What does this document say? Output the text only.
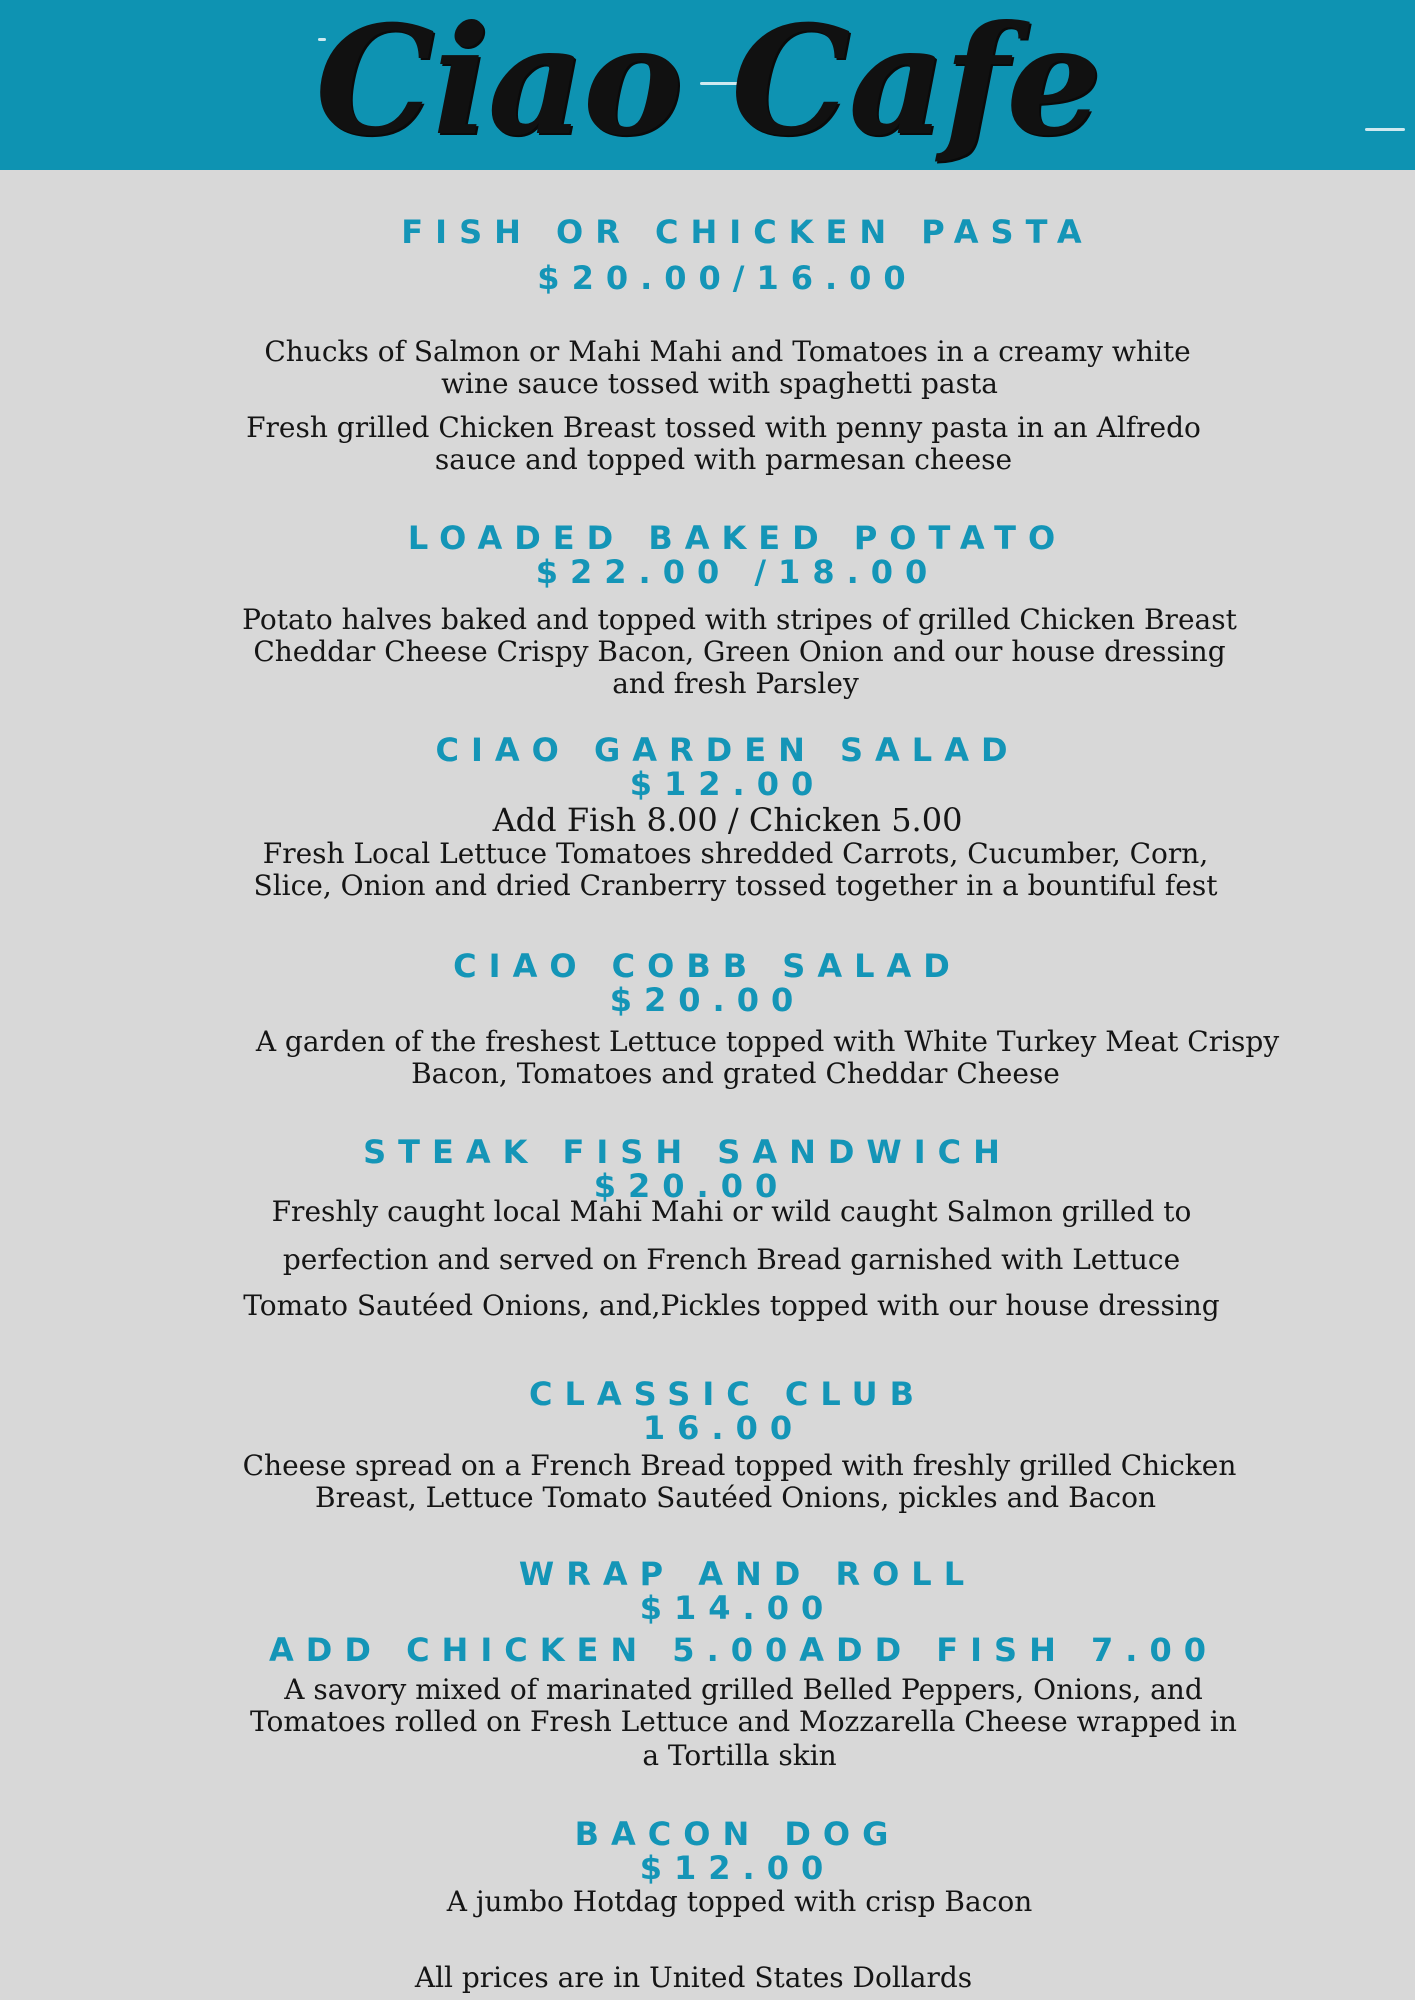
Ciao Cafe
FISH OR CHICKEN PASTA
$20.00/16.00
Chucks of Salmon or Mahi Mahi and Tomatoes in a creamy white
wine sauce tossed with spaghetti pasta
Fresh grilled Chicken Breast tossed with penny pasta in an Alfredo
sauce and topped with parmesan cheese
LOADED BAKED POTATO
$22.00 /18.00
Potato halves baked and topped with stripes of grilled Chicken Breast
Cheddar Cheese Crispy Bacon, Green Onion and our house dressing
and fresh Parsley
CIAO GARDEN SALAD
$12.00
Add Fish 8.00 / Chicken 5.00
Fresh Local Lettuce Tomatoes shredded Carrots, Cucumber, Corn,
Slice, Onion and dried Cranberry tossed together in a bountiful fest
CIAO COBB SALAD
$20.00
A garden of the freshest Lettuce topped with White Turkey Meat Crispy
Bacon, Tomatoes and grated Cheddar Cheese
STEAK FISH SANDWICH
$20.00
Freshly caught local Mahi Mahi or wild caught Salmon grilled to
perfection and served on French Bread garnished with Lettuce
Tomato Sautéed Onions, and,Pickles topped with our house dressing
CLASSIC CLUB
16.00
Cheese spread on a French Bread topped with freshly grilled Chicken
Breast, Lettuce Tomato Sautéed Onions, pickles and Bacon
WRAP AND ROLL
$14.00
ADD CHICKEN 5.00ADD FISH 7.00
A savory mixed of marinated grilled Belled Peppers, Onions, and
Tomatoes rolled on Fresh Lettuce and Mozzarella Cheese wrapped in
a Tortilla skin
BACON DOG
$12.00
A jumbo Hotdag topped with crisp Bacon
All prices are in United States Dollards
